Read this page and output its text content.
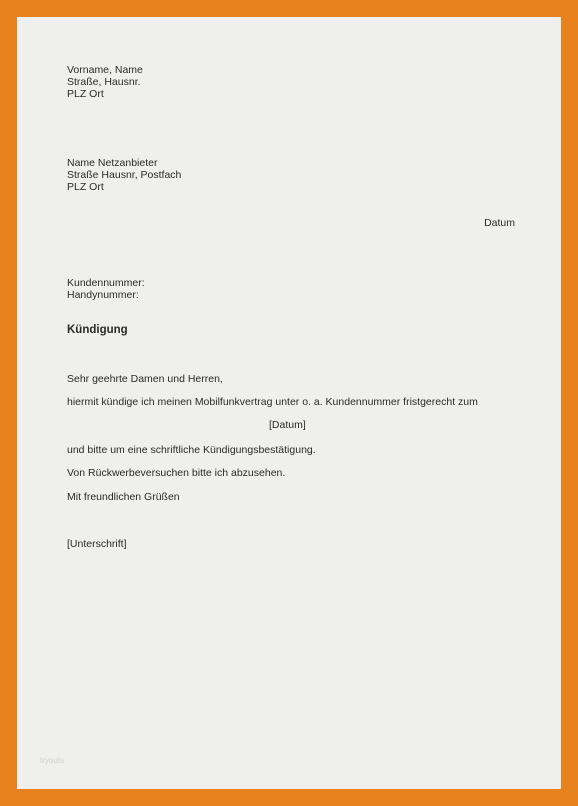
Vorname, Name
Straße, Hausnr.
PLZ Ort
Name Netzanbieter
Straße Hausnr, Postfach
PLZ Ort
Datum
Kundennummer:
Handynummer:
Kündigung
Sehr geehrte Damen und Herren,
hiermit kündige ich meinen Mobilfunkvertrag unter o. a. Kundennummer fristgerecht zum
[Datum]
und bitte um eine schriftliche Kündigungsbestätigung.
Von Rückwerbeversuchen bitte ich abzusehen.
Mit freundlichen Grüßen
[Unterschrift]
tryouts
